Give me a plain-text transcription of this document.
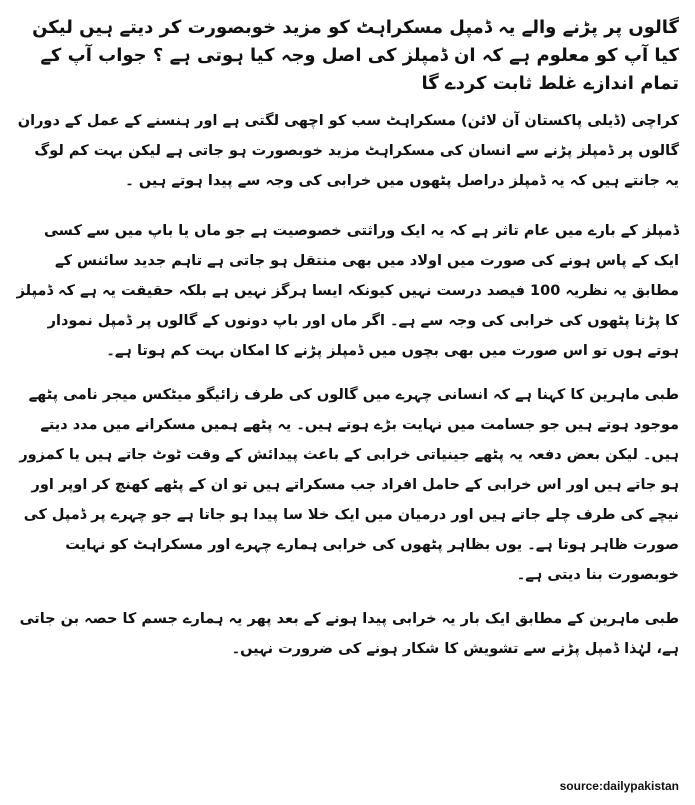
گالوں پر پڑنے والے یہ ڈمپل مسکراہٹ کو مزید خوبصورت کر دیتے ہیں لیکن کیا آپ کو معلوم ہے کہ ان ڈمپلز کی اصل وجہ کیا ہوتی ہے ؟ جواب آپ کے تمام اندازے غلط ثابت کردے گا

کراچی (ڈیلی پاکستان آن لائن) مسکراہٹ سب کو اچھی لگتی ہے اور ہنسنے کے عمل کے دوران گالوں پر ڈمپلز پڑنے سے انسان کی مسکراہٹ مزید خوبصورت ہو جاتی ہے لیکن بہت کم لوگ یہ جانتے ہیں کہ یہ ڈمپلز دراصل پٹھوں میں خرابی کی وجہ سے پیدا ہوتے ہیں ۔

ڈمپلز کے بارے میں عام تاثر ہے کہ یہ ایک وراثتی خصوصیت ہے جو ماں یا باپ میں سے کسی ایک کے پاس ہونے کی صورت میں اولاد میں بھی منتقل ہو جاتی ہے تاہم جدید سائنس کے مطابق یہ نظریہ 100 فیصد درست نہیں کیونکہ ایسا ہرگز نہیں ہے بلکہ حقیقت یہ ہے کہ ڈمپلز کا پڑنا پٹھوں کی خرابی کی وجہ سے ہے۔ اگر ماں اور باپ دونوں کے گالوں پر ڈمپل نمودار ہوتے ہوں تو اس صورت میں بھی بچوں میں ڈمپلز پڑنے کا امکان بہت کم ہوتا ہے۔

طبی ماہرین کا کہنا ہے کہ انسانی چہرے میں گالوں کی طرف زائیگو میٹکس میجر نامی پٹھے موجود ہوتے ہیں جو جسامت میں نہایت بڑے ہوتے ہیں۔ یہ پٹھے ہمیں مسکرانے میں مدد دیتے ہیں۔ لیکن بعض دفعہ یہ پٹھے جینیاتی خرابی کے باعث پیدائش کے وقت ٹوٹ جاتے ہیں یا کمزور ہو جاتے ہیں اور اس خرابی کے حامل افراد جب مسکراتے ہیں تو ان کے پٹھے کھنچ کر اوپر اور نیچے کی طرف چلے جاتے ہیں اور درمیان میں ایک خلا سا پیدا ہو جاتا ہے جو چہرے پر ڈمپل کی صورت ظاہر ہوتا ہے۔ یوں بظاہر پٹھوں کی خرابی ہمارے چہرے اور مسکراہٹ کو نہایت خوبصورت بنا دیتی ہے۔

طبی ماہرین کے مطابق ایک بار یہ خرابی پیدا ہونے کے بعد پھر یہ ہمارے جسم کا حصہ بن جاتی ہے، لہٰذا ڈمپل پڑنے سے تشویش کا شکار ہونے کی ضرورت نہیں۔

source:dailypakistan
